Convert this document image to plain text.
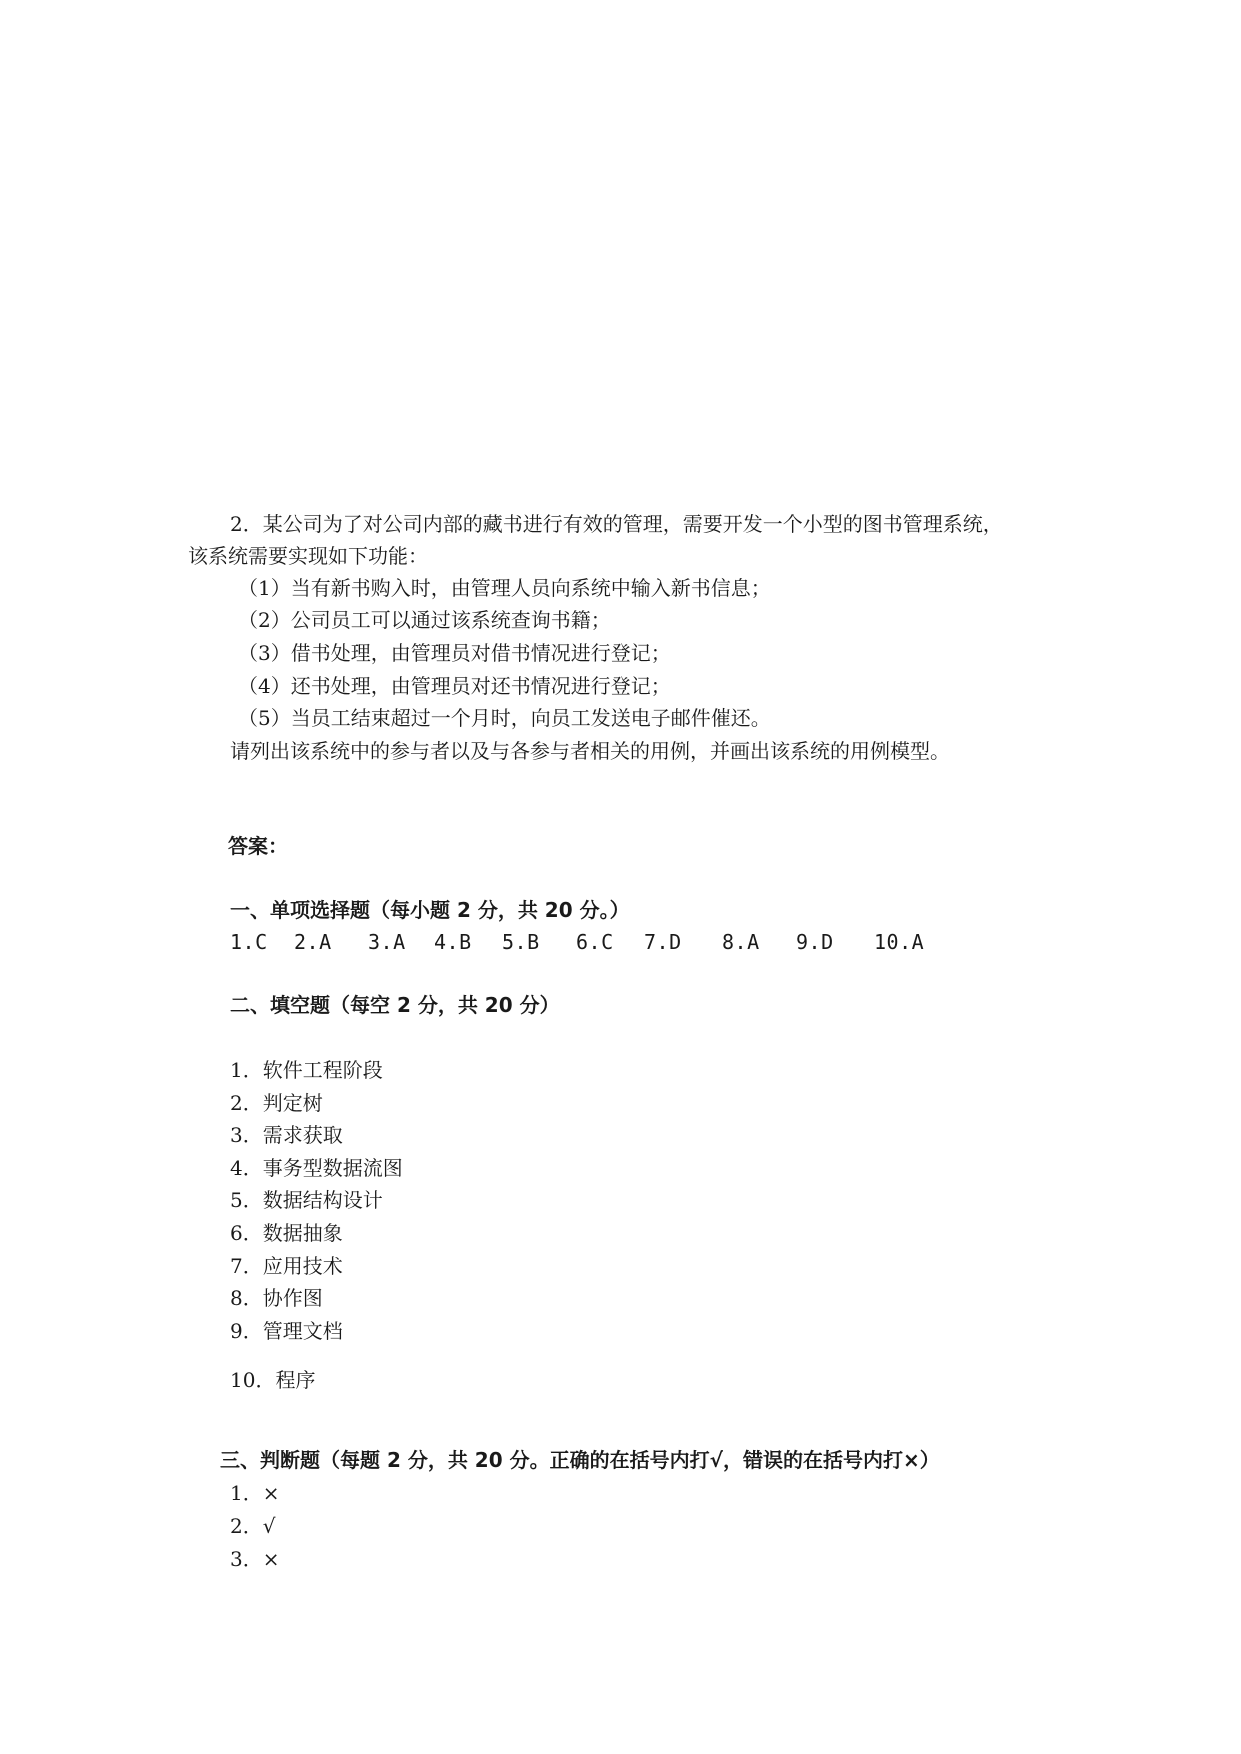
2．某公司为了对公司内部的藏书进行有效的管理，需要开发一个小型的图书管理系统，
该系统需要实现如下功能：
（1）当有新书购入时，由管理人员向系统中输入新书信息；
（2）公司员工可以通过该系统查询书籍；
（3）借书处理，由管理员对借书情况进行登记；
（4）还书处理，由管理员对还书情况进行登记；
（5）当员工结束超过一个月时，向员工发送电子邮件催还。
请列出该系统中的参与者以及与各参与者相关的用例，并画出该系统的用例模型。
答案：
一、单项选择题（每小题 2 分，共 20 分。）
1.C 2.A 3.A 4.B 5.B 6.C 7.D 8.A 9.D 10.A
二、填空题（每空 2 分，共 20 分）
1．软件工程阶段
2．判定树
3．需求获取
4．事务型数据流图
5．数据结构设计
6．数据抽象
7．应用技术
8．协作图
9．管理文档
10．程序
三、判断题（每题 2 分，共 20 分。正确的在括号内打√，错误的在括号内打×）
1．×
2．√
3．×
